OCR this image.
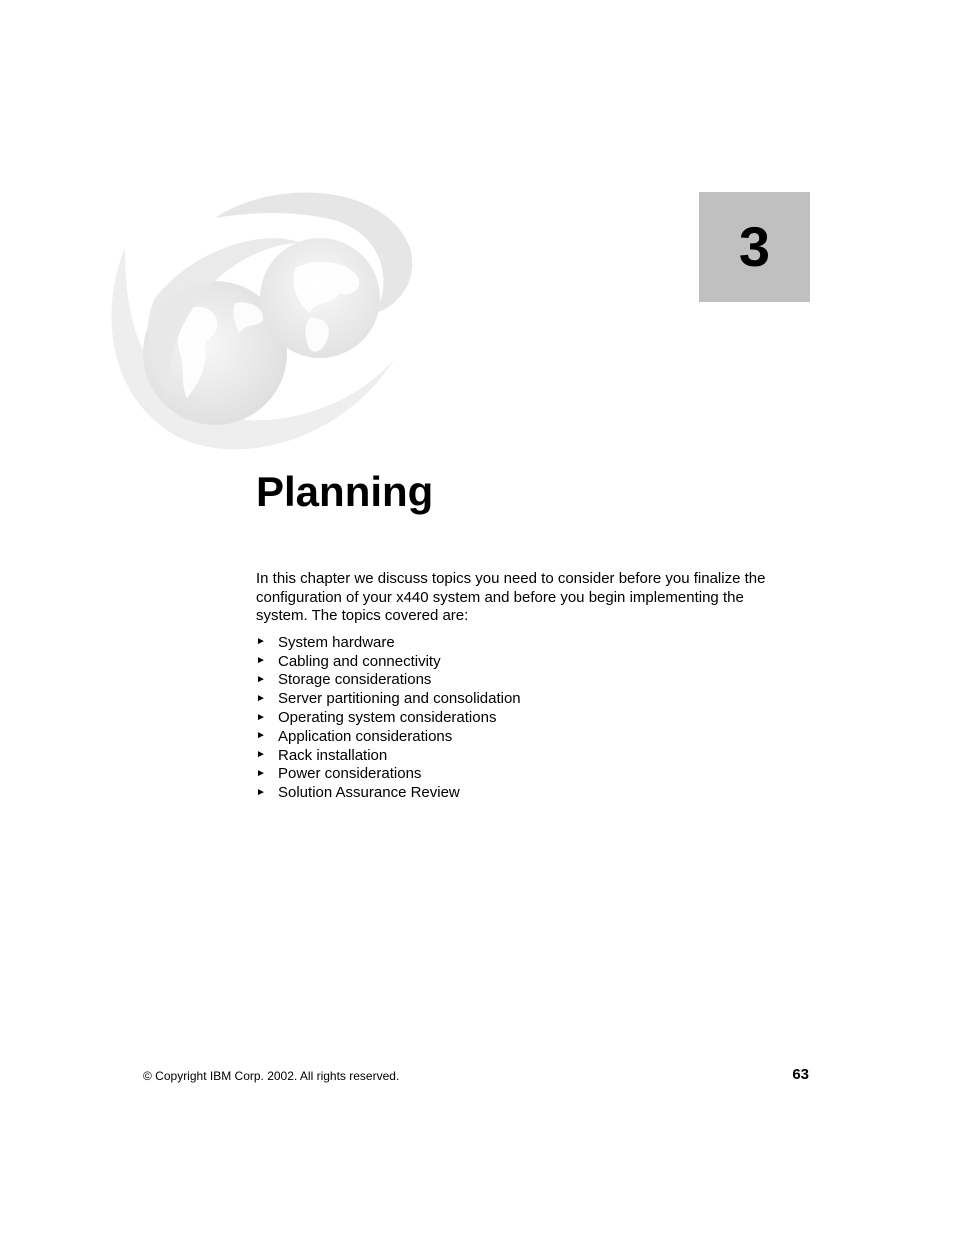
3
Planning

In this chapter we discuss topics you need to consider before you finalize the configuration of your x440 system and before you begin implementing the system. The topics covered are:

► System hardware
► Cabling and connectivity
► Storage considerations
► Server partitioning and consolidation
► Operating system considerations
► Application considerations
► Rack installation
► Power considerations
► Solution Assurance Review
© Copyright IBM Corp. 2002. All rights reserved.	63
